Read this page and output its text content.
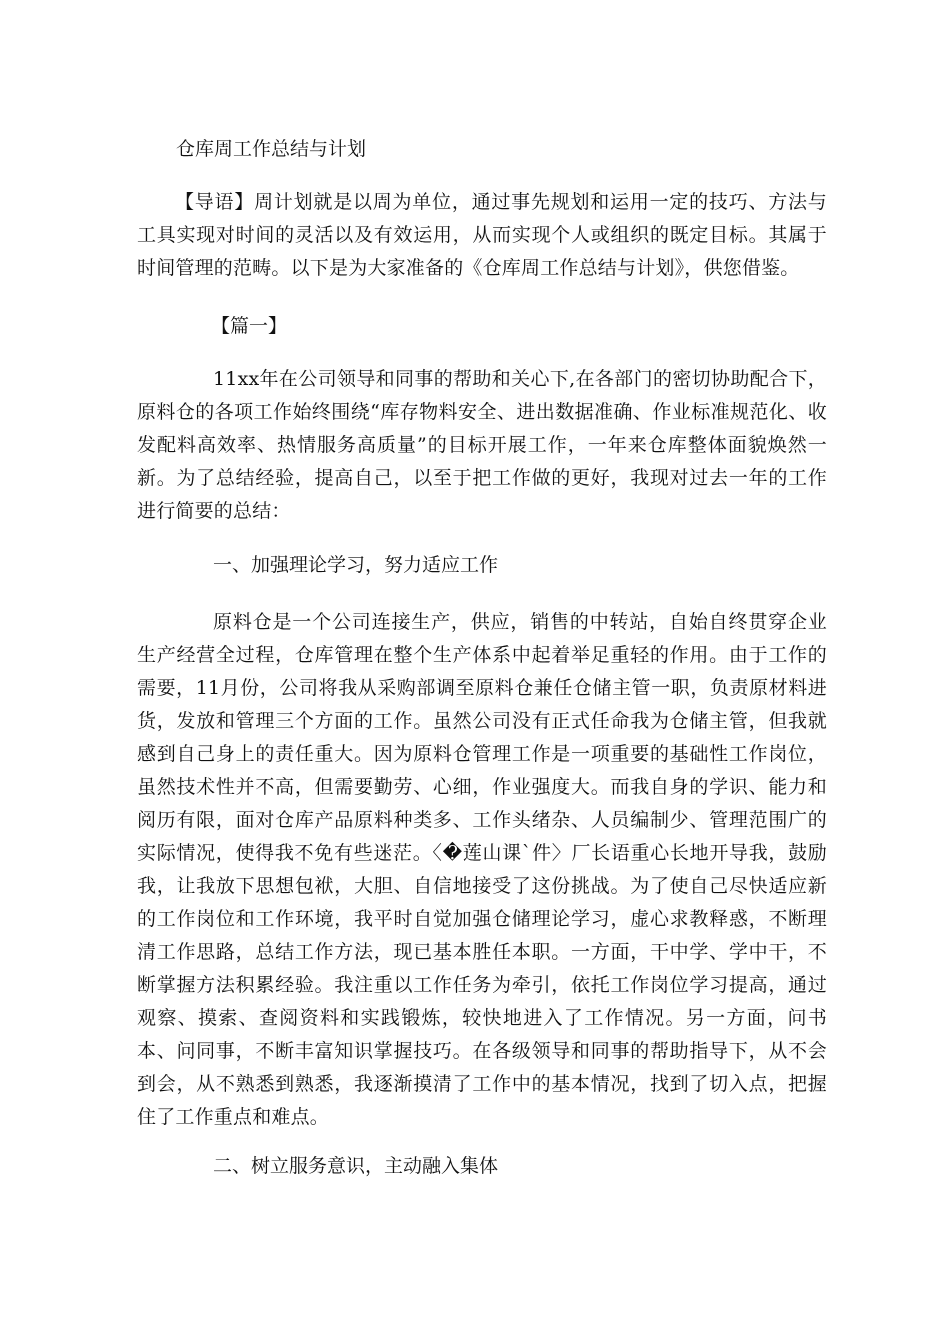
仓库周工作总结与计划

【导语】周计划就是以周为单位，通过事先规划和运用一定的技巧、方法与工具实现对时间的灵活以及有效运用，从而实现个人或组织的既定目标。其属于时间管理的范畴。以下是为大家准备的《仓库周工作总结与计划》，供您借鉴。

【篇一】

11xx年在公司领导和同事的帮助和关心下,在各部门的密切协助配合下，原料仓的各项工作始终围绕“库存物料安全、进出数据准确、作业标准规范化、收发配料高效率、热情服务高质量”的目标开展工作，一年来仓库整体面貌焕然一新。为了总结经验，提高自己，以至于把工作做的更好，我现对过去一年的工作进行简要的总结：

一、加强理论学习，努力适应工作

原料仓是一个公司连接生产，供应，销售的中转站，自始自终贯穿企业生产经营全过程，仓库管理在整个生产体系中起着举足重轻的作用。由于工作的需要，11月份，公司将我从采购部调至原料仓兼任仓储主管一职，负责原材料进货，发放和管理三个方面的工作。虽然公司没有正式任命我为仓储主管，但我就感到自己身上的责任重大。因为原料仓管理工作是一项重要的基础性工作岗位，虽然技术性并不高，但需要勤劳、心细，作业强度大。而我自身的学识、能力和阅历有限，面对仓库产品原料种类多、工作头绪杂、人员编制少、管理范围广的实际情况，使得我不免有些迷茫。〈�莲山课`件〉厂长语重心长地开导我，鼓励我，让我放下思想包袱，大胆、自信地接受了这份挑战。为了使自己尽快适应新的工作岗位和工作环境，我平时自觉加强仓储理论学习，虚心求教释惑，不断理清工作思路，总结工作方法，现已基本胜任本职。一方面，干中学、学中干，不断掌握方法积累经验。我注重以工作任务为牵引，依托工作岗位学习提高，通过观察、摸索、查阅资料和实践锻炼，较快地进入了工作情况。另一方面，问书本、问同事，不断丰富知识掌握技巧。在各级领导和同事的帮助指导下，从不会到会，从不熟悉到熟悉，我逐渐摸清了工作中的基本情况，找到了切入点，把握住了工作重点和难点。

二、树立服务意识，主动融入集体
